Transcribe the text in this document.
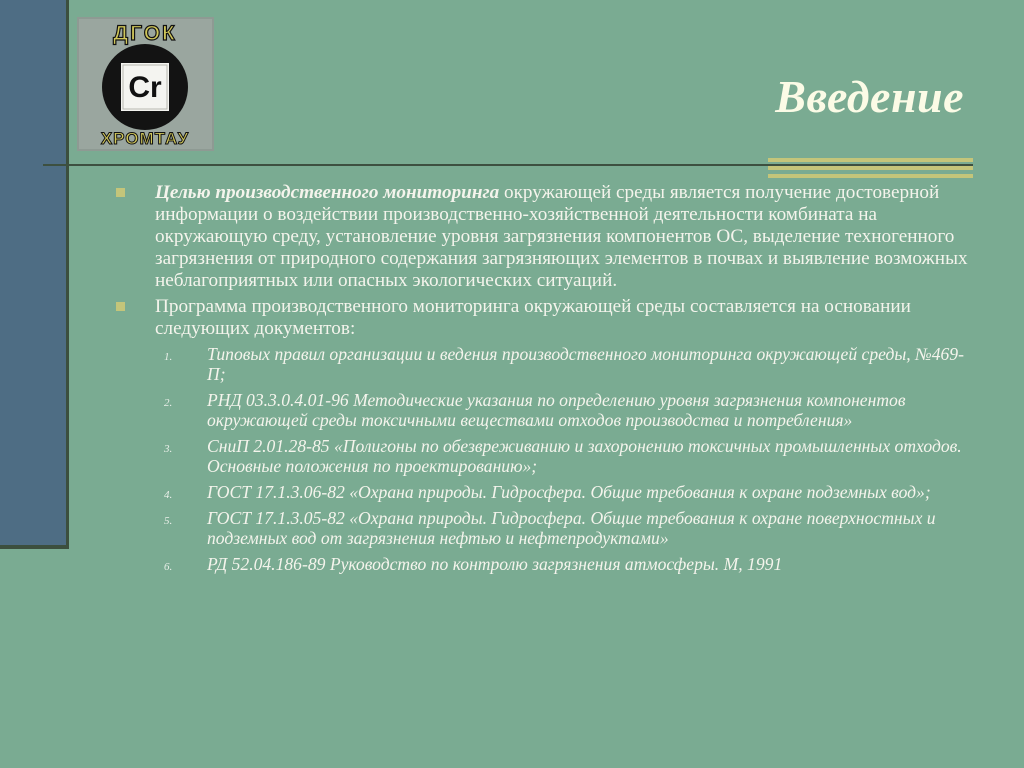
ДГОК
Cr
ХРОМТАУ
Введение
Целью производственного мониторинга окружающей среды является получение достоверной информации о воздействии производственно-хозяйственной деятельности комбината на окружающую среду, установление уровня загрязнения компонентов ОС, выделение техногенного загрязнения от природного содержания загрязняющих элементов в почвах и выявление возможных неблагоприятных или опасных экологических ситуаций.
Программа производственного мониторинга окружающей среды составляется на основании следующих документов:
1. Типовых правил организации и ведения производственного мониторинга окружающей среды, №469-П;
2. РНД 03.3.0.4.01-96 Методические указания по определению уровня загрязнения компонентов окружающей среды токсичными веществами отходов производства и потребления»
3. СниП 2.01.28-85 «Полигоны по обезвреживанию и захоронению токсичных промышленных отходов. Основные положения по проектированию»;
4. ГОСТ 17.1.3.06-82 «Охрана природы. Гидросфера. Общие требования к охране подземных вод»;
5. ГОСТ 17.1.3.05-82 «Охрана природы. Гидросфера. Общие требования к охране поверхностных и подземных вод от загрязнения нефтью и нефтепродуктами»
6. РД 52.04.186-89 Руководство по контролю загрязнения атмосферы. М, 1991
